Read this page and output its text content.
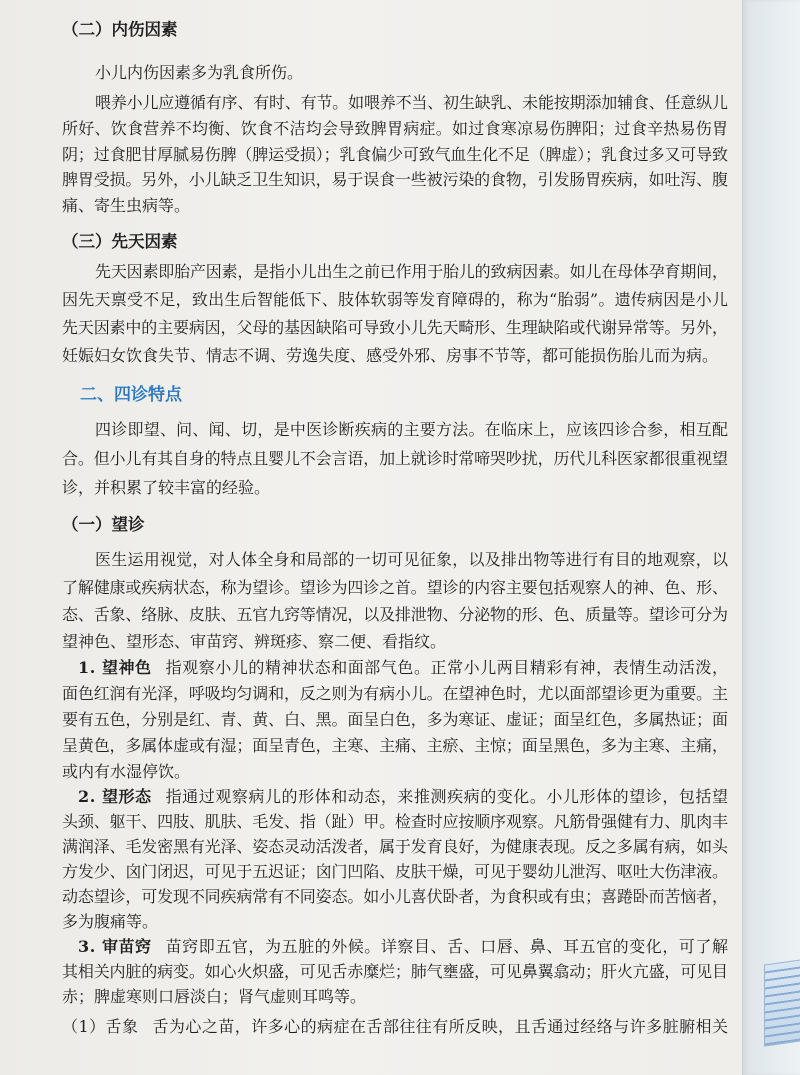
（二）内伤因素
小儿内伤因素多为乳食所伤。
喂养小儿应遵循有序、有时、有节。如喂养不当、初生缺乳、未能按期添加辅食、任意纵儿
所好、饮食营养不均衡、饮食不洁均会导致脾胃病症。如过食寒凉易伤脾阳；过食辛热易伤胃
阴；过食肥甘厚腻易伤脾（脾运受损）；乳食偏少可致气血生化不足（脾虚）；乳食过多又可导致
脾胃受损。另外，小儿缺乏卫生知识，易于误食一些被污染的食物，引发肠胃疾病，如吐泻、腹
痛、寄生虫病等。
（三）先天因素
先天因素即胎产因素，是指小儿出生之前已作用于胎儿的致病因素。如儿在母体孕育期间，
因先天禀受不足，致出生后智能低下、肢体软弱等发育障碍的，称为“胎弱”。遗传病因是小儿
先天因素中的主要病因，父母的基因缺陷可导致小儿先天畸形、生理缺陷或代谢异常等。另外，
妊娠妇女饮食失节、情志不调、劳逸失度、感受外邪、房事不节等，都可能损伤胎儿而为病。
二、四诊特点
四诊即望、问、闻、切，是中医诊断疾病的主要方法。在临床上，应该四诊合参，相互配
合。但小儿有其自身的特点且婴儿不会言语，加上就诊时常啼哭吵扰，历代儿科医家都很重视望
诊，并积累了较丰富的经验。
（一）望诊
医生运用视觉，对人体全身和局部的一切可见征象，以及排出物等进行有目的地观察，以
了解健康或疾病状态，称为望诊。望诊为四诊之首。望诊的内容主要包括观察人的神、色、形、
态、舌象、络脉、皮肤、五官九窍等情况，以及排泄物、分泌物的形、色、质量等。望诊可分为
望神色、望形态、审苗窍、辨斑疹、察二便、看指纹。
1. 望神色 指观察小儿的精神状态和面部气色。正常小儿两目精彩有神，表情生动活泼，
面色红润有光泽，呼吸均匀调和，反之则为有病小儿。在望神色时，尤以面部望诊更为重要。主
要有五色，分别是红、青、黄、白、黑。面呈白色，多为寒证、虚证；面呈红色，多属热证；面
呈黄色，多属体虚或有湿；面呈青色，主寒、主痛、主瘀、主惊；面呈黑色，多为主寒、主痛，
或内有水湿停饮。
2. 望形态 指通过观察病儿的形体和动态，来推测疾病的变化。小儿形体的望诊，包括望
头颈、躯干、四肢、肌肤、毛发、指（趾）甲。检查时应按顺序观察。凡筋骨强健有力、肌肉丰
满润泽、毛发密黑有光泽、姿态灵动活泼者，属于发育良好，为健康表现。反之多属有病，如头
方发少、囟门闭迟，可见于五迟证；囟门凹陷、皮肤干燥，可见于婴幼儿泄泻、呕吐大伤津液。
动态望诊，可发现不同疾病常有不同姿态。如小儿喜伏卧者，为食积或有虫；喜踡卧而苦恼者，
多为腹痛等。
3. 审苗窍 苗窍即五官，为五脏的外候。详察目、舌、口唇、鼻、耳五官的变化，可了解
其相关内脏的病变。如心火炽盛，可见舌赤糜烂；肺气壅盛，可见鼻翼翕动；肝火亢盛，可见目
赤；脾虚寒则口唇淡白；肾气虚则耳鸣等。
（1）舌象 舌为心之苗，许多心的病症在舌部往往有所反映，且舌通过经络与许多脏腑相关
